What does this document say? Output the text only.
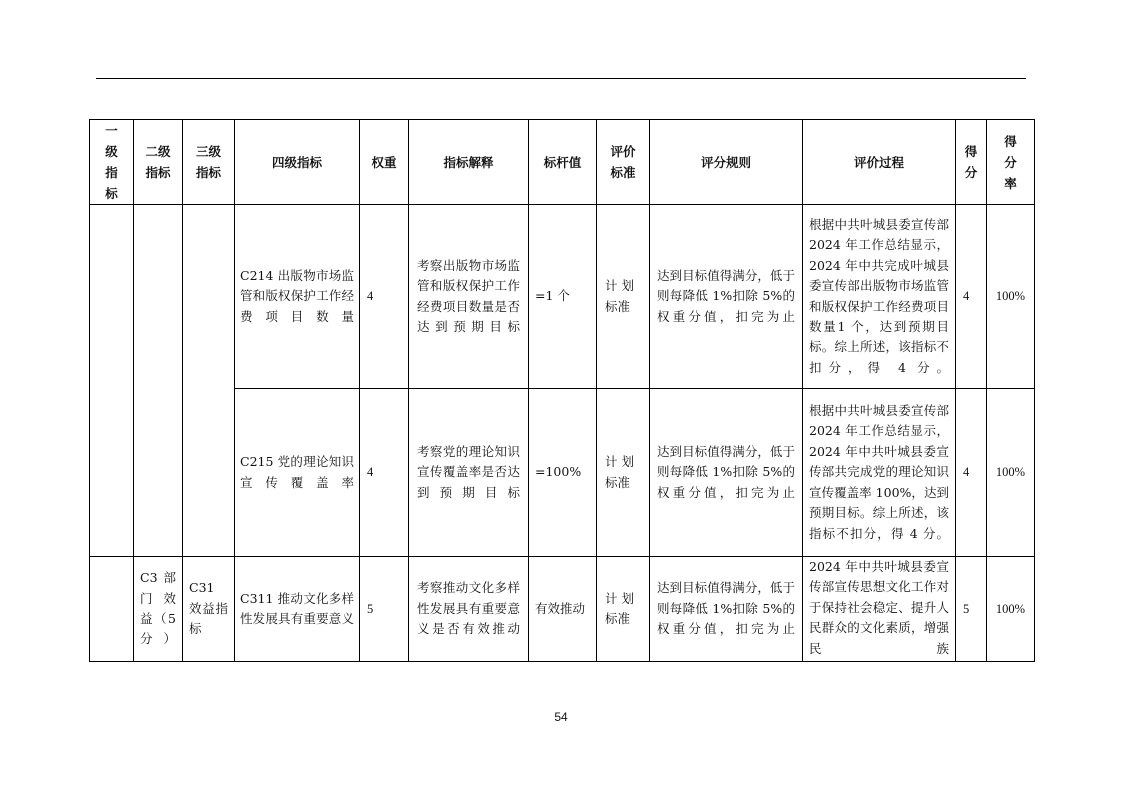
一级指标	二级指标	三级指标	四级指标	权重	指标解释	标杆值	评价标准	评分规则	评价过程	得分	得分率
			C214 出版物市场监管和版权保护工作经费项目数量	4	考察出版物市场监管和版权保护工作经费项目数量是否达到预期目标	=1 个	计 划 标准	达到目标值得满分，低于则每降低 1%扣除 5%的权重分值，扣完为止	根据中共叶城县委宣传部2024 年工作总结显示，2024 年中共完成叶城县委宣传部出版物市场监管和版权保护工作经费项目数量1 个，达到预期目标。综上所述，该指标不扣分，得 4 分。	4	100%
			C215 党的理论知识宣传覆盖率	4	考察党的理论知识宣传覆盖率是否达到预期目标	=100%	计 划 标准	达到目标值得满分，低于则每降低 1%扣除 5%的权重分值，扣完为止	根据中共叶城县委宣传部2024 年工作总结显示，2024 年中共叶城县委宣传部共完成党的理论知识宣传覆盖率 100%，达到预期目标。综上所述，该指标不扣分，得 4 分。	4	100%
	C3 部门效益（5 分）	C31 效益指标	C311 推动文化多样性发展具有重要意义	5	考察推动文化多样性发展具有重要意义是否有效推动	有效推动	计 划 标准	达到目标值得满分，低于则每降低 1%扣除 5%的权重分值，扣完为止	2024 年中共叶城县委宣传部宣传思想文化工作对于保持社会稳定、提升人民群众的文化素质，增强民族	5	100%
54
